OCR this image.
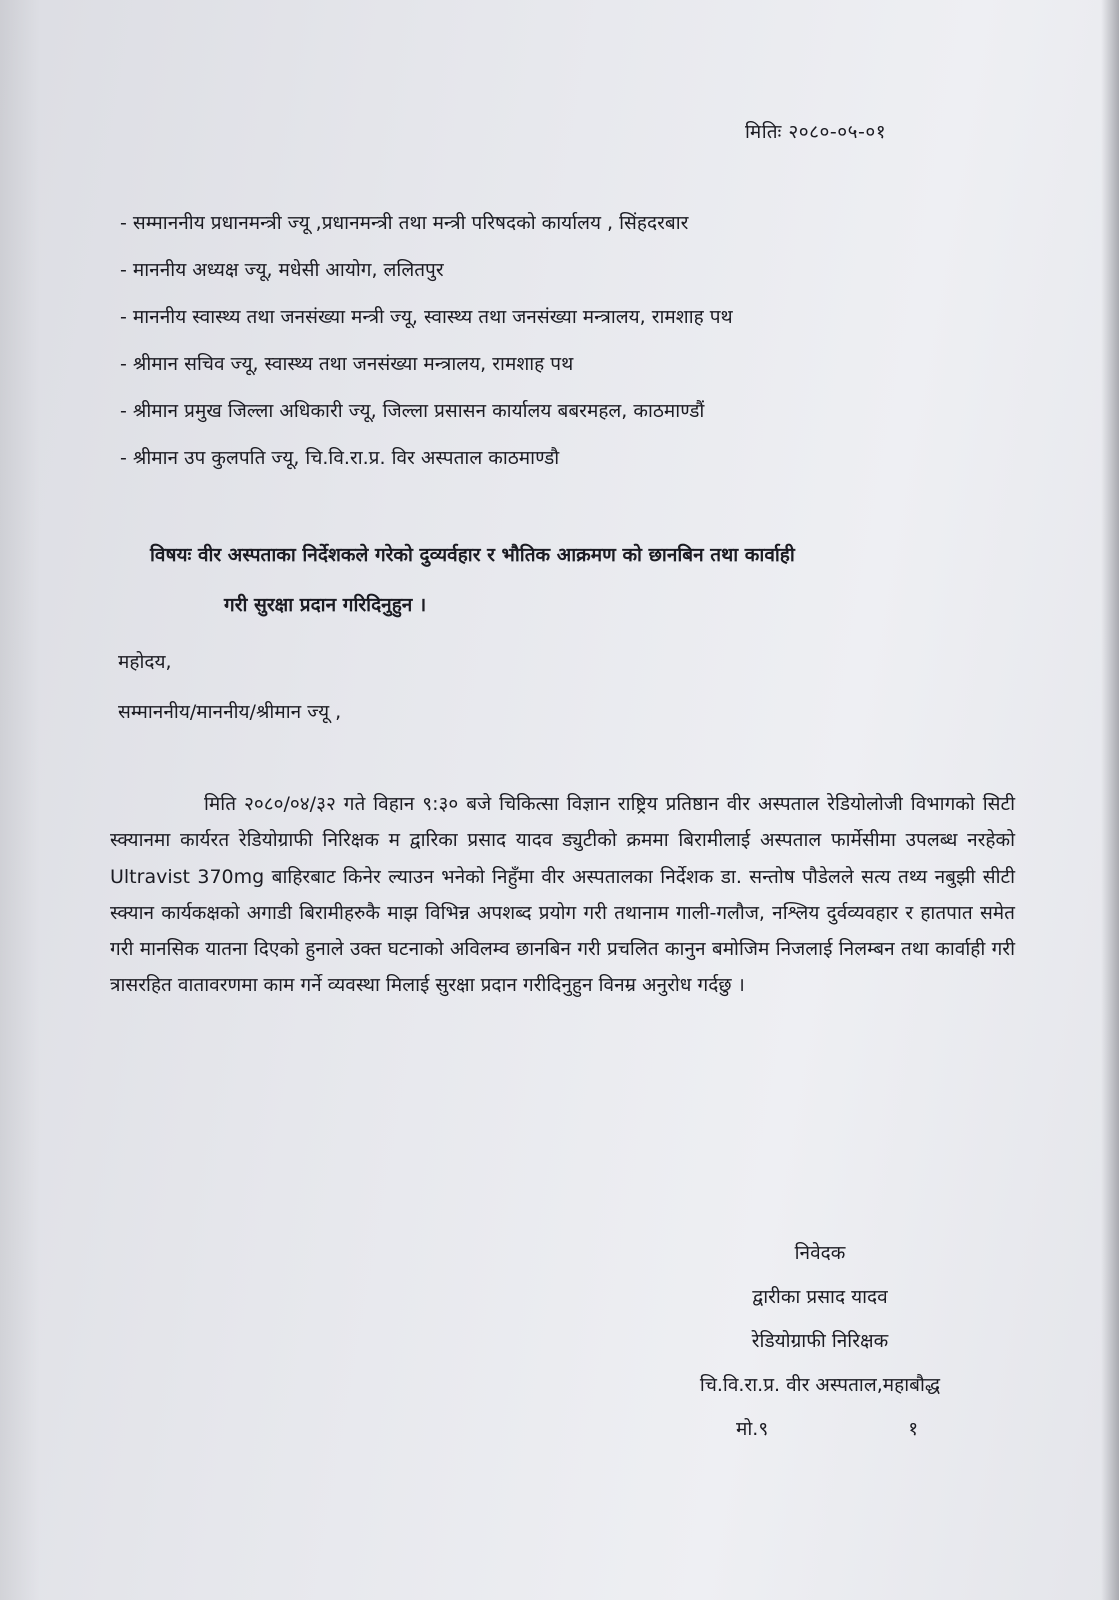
मितिः २०८०-०५-०१
- सम्माननीय प्रधानमन्त्री ज्यू ,प्रधानमन्त्री तथा मन्त्री परिषदको कार्यालय , सिंहदरबार
- माननीय अध्यक्ष ज्यू, मधेसी आयोग, ललितपुर
- माननीय स्वास्थ्य तथा जनसंख्या मन्त्री ज्यू, स्वास्थ्य तथा जनसंख्या मन्त्रालय, रामशाह पथ
- श्रीमान सचिव ज्यू, स्वास्थ्य तथा जनसंख्या मन्त्रालय, रामशाह पथ
- श्रीमान प्रमुख जिल्ला अधिकारी ज्यू, जिल्ला प्रसासन कार्यालय बबरमहल, काठमाण्डौं
- श्रीमान उप कुलपति ज्यू, चि.वि.रा.प्र. विर अस्पताल काठमाण्डौ
विषयः वीर अस्पताका निर्देशकले गरेको दुव्यर्वहार र भौतिक आक्रमण को छानबिन तथा कार्वाही
गरी सुरक्षा प्रदान गरिदिनुहुन ।
महोदय,
सम्माननीय/माननीय/श्रीमान ज्यू ,

मिति २०८०/०४/३२ गते विहान ९:३० बजे चिकित्सा विज्ञान राष्ट्रिय प्रतिष्ठान वीर अस्पताल रेडियोलोजी विभागको सिटी स्क्यानमा कार्यरत रेडियोग्राफी निरिक्षक म द्वारिका प्रसाद यादव ड्युटीको क्रममा बिरामीलाई अस्पताल फार्मेसीमा उपलब्ध नरहेको Ultravist 370mg बाहिरबाट किनेर ल्याउन भनेको निहुँमा वीर अस्पतालका निर्देशक डा. सन्तोष पौडेलले सत्य तथ्य नबुझी सीटी स्क्यान कार्यकक्षको अगाडी बिरामीहरुकै माझ विभिन्न अपशब्द प्रयोग गरी तथानाम गाली-गलौज, नश्लिय दुर्वव्यवहार र हातपात समेत गरी मानसिक यातना दिएको हुनाले उक्त घटनाको अविलम्व छानबिन गरी प्रचलित कानुन बमोजिम निजलाई निलम्बन तथा कार्वाही गरी त्रासरहित वातावरणमा काम गर्ने व्यवस्था मिलाई सुरक्षा प्रदान गरीदिनुहुन विनम्र अनुरोध गर्दछु ।

निवेदक
द्वारीका प्रसाद यादव
रेडियोग्राफी निरिक्षक
चि.वि.रा.प्र. वीर अस्पताल,महाबौद्ध
मो.९	१
